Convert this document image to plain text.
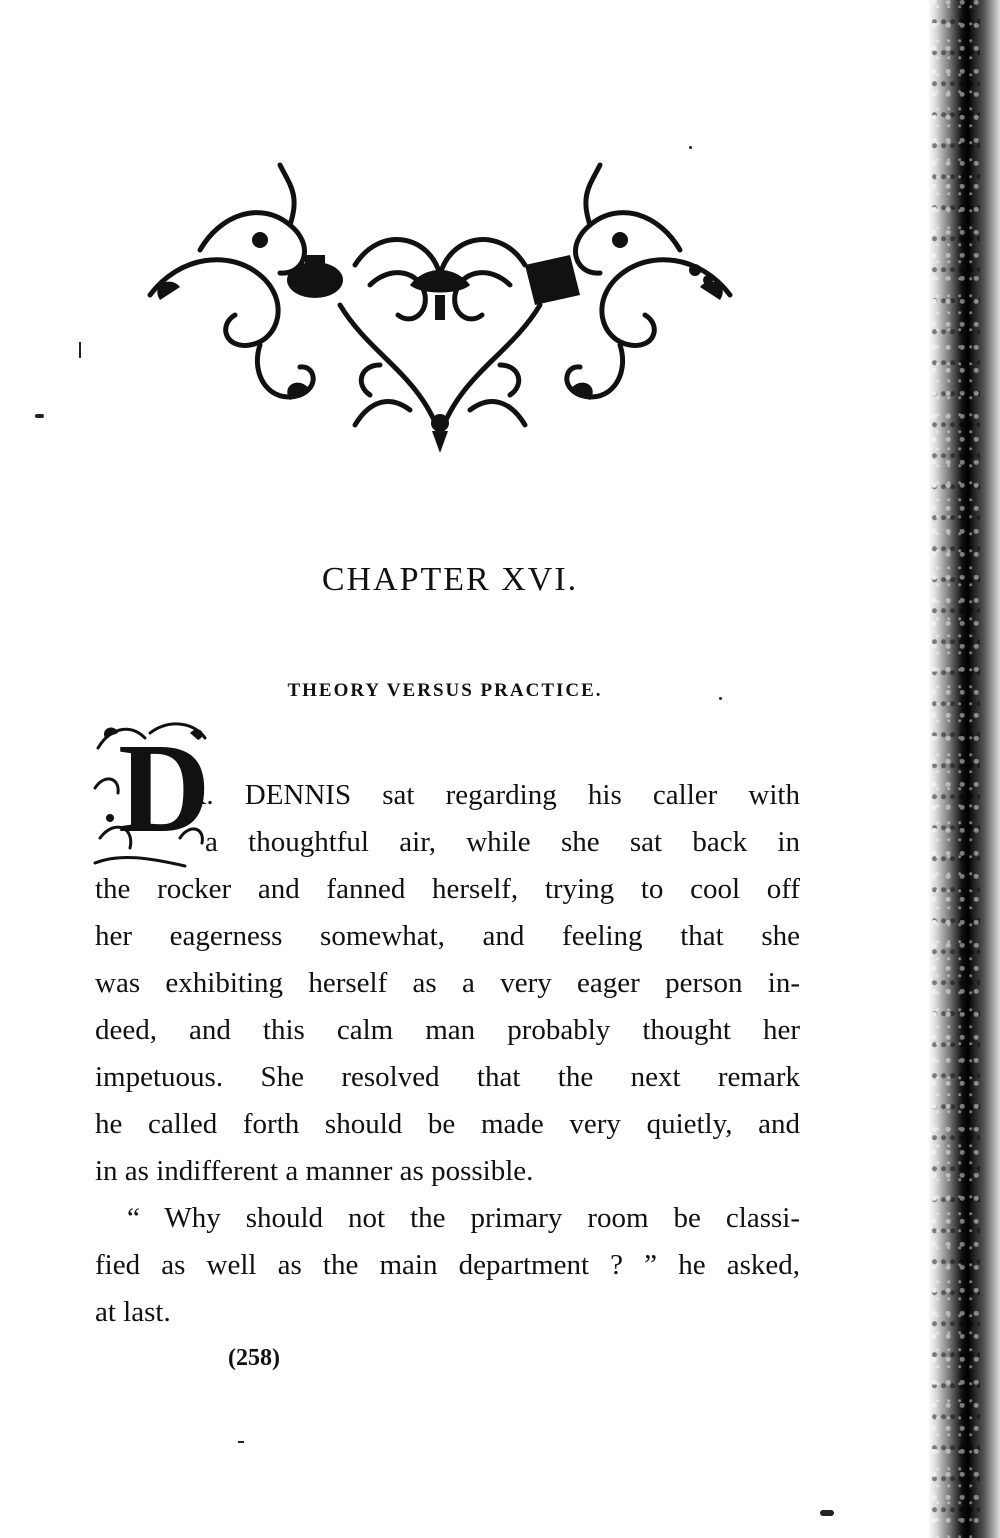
CHAPTER XVI.
THEORY VERSUS PRACTICE.
D

R. DENNIS sat regarding his caller with
a thoughtful air, while she sat back in
the rocker and fanned herself, trying to cool off
her eagerness somewhat, and feeling that she
was exhibiting herself as a very eager person in-
deed, and this calm man probably thought her
impetuous. She resolved that the next remark
he called forth should be made very quietly, and
in as indifferent a manner as possible.

“ Why should not the primary room be classi-
fied as well as the main department ? ” he asked,
at last.

(258)
